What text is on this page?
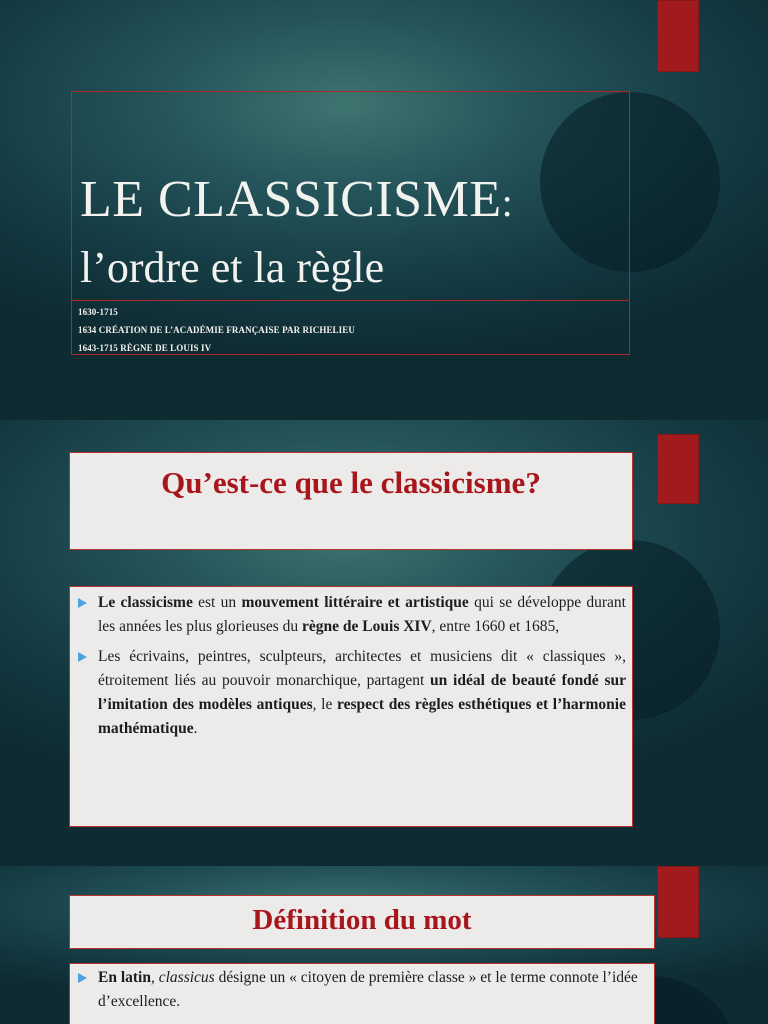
LE CLASSICISME:
l’ordre et la règle
1630-1715
1634 CRÉATION DE L’ACADÉMIE FRANÇAISE PAR RICHELIEU
1643-1715 RÈGNE DE LOUIS IV
Qu’est-ce que le classicisme?
Le classicisme est un mouvement littéraire et artistique qui se développe durant les années les plus glorieuses du règne de Louis XIV, entre 1660 et 1685,
Les écrivains, peintres, sculpteurs, architectes et musiciens dit « classiques », étroitement liés au pouvoir monarchique, partagent un idéal de beauté fondé sur l’imitation des modèles antiques, le respect des règles esthétiques et l’harmonie mathématique.
Définition du mot
En latin, classicus désigne un « citoyen de première classe » et le terme connote l’idée d’excellence.
